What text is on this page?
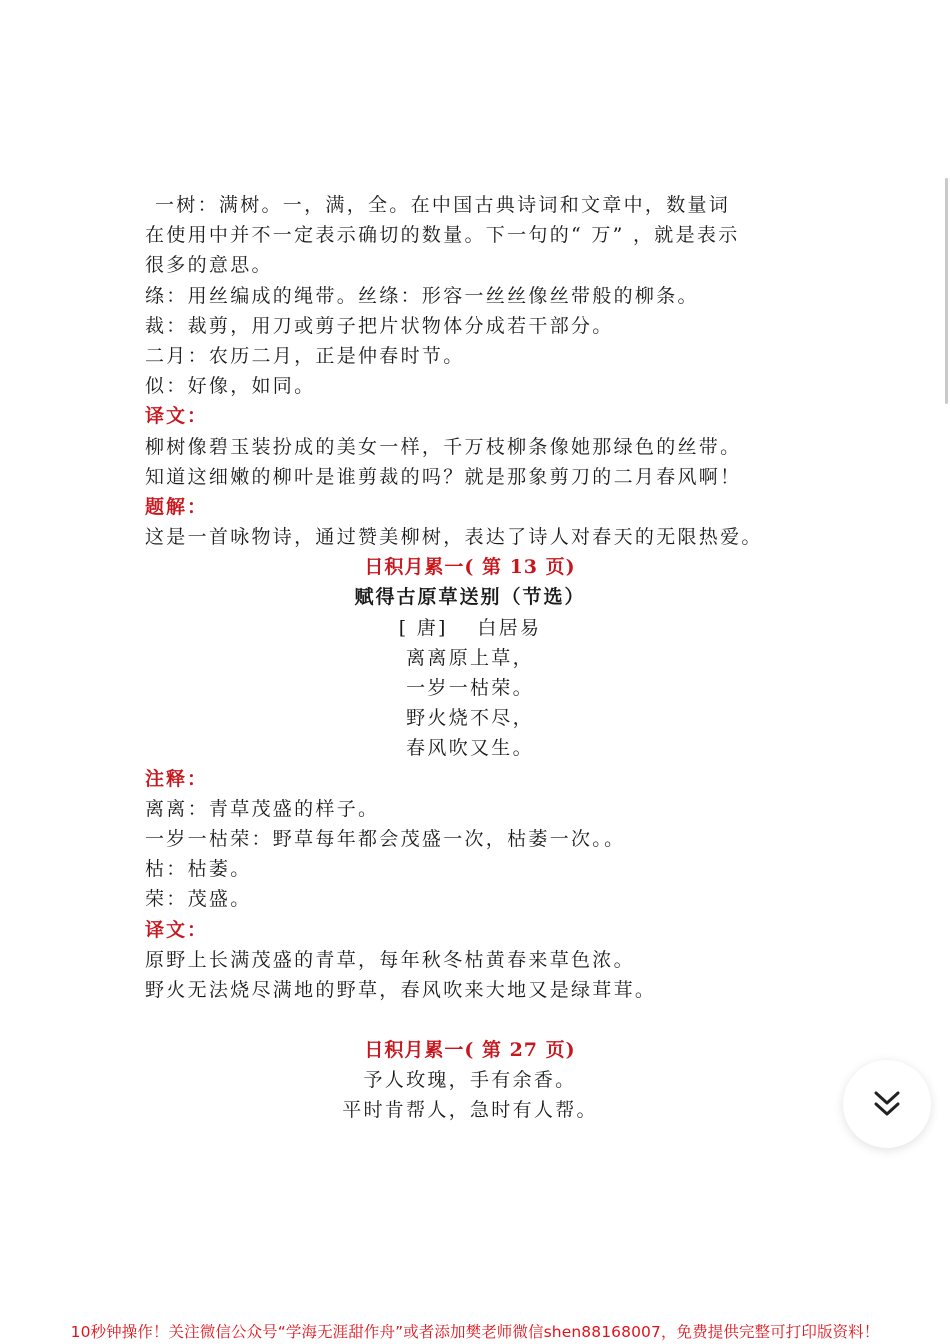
一树：满树。一，满，全。在中国古典诗词和文章中，数量词
在使用中并不一定表示确切的数量。下一句的“ 万” ，就是表示
很多的意思。
绦：用丝编成的绳带。丝绦：形容一丝丝像丝带般的柳条。
裁：裁剪，用刀或剪子把片状物体分成若干部分。
二月：农历二月，正是仲春时节。
似：好像，如同。
译文：
柳树像碧玉装扮成的美女一样，千万枝柳条像她那绿色的丝带。
知道这细嫩的柳叶是谁剪裁的吗？就是那象剪刀的二月春风啊！
题解：
这是一首咏物诗，通过赞美柳树，表达了诗人对春天的无限热爱。
日积月累一( 第 13 页)
赋得古原草送别（节选）
[ 唐]　 白居易
离离原上草，
一岁一枯荣。
野火烧不尽，
春风吹又生。
注释：
离离：青草茂盛的样子。
一岁一枯荣：野草每年都会茂盛一次，枯萎一次。。
枯：枯萎。
荣：茂盛。
译文：
原野上长满茂盛的青草，每年秋冬枯黄春来草色浓。
野火无法烧尽满地的野草，春风吹来大地又是绿茸茸。
日积月累一( 第 27 页)
予人玫瑰，手有余香。
平时肯帮人，急时有人帮。
10秒钟操作！关注微信公众号“学海无涯甜作舟”或者添加樊老师微信shen88168007，免费提供完整可打印版资料！
